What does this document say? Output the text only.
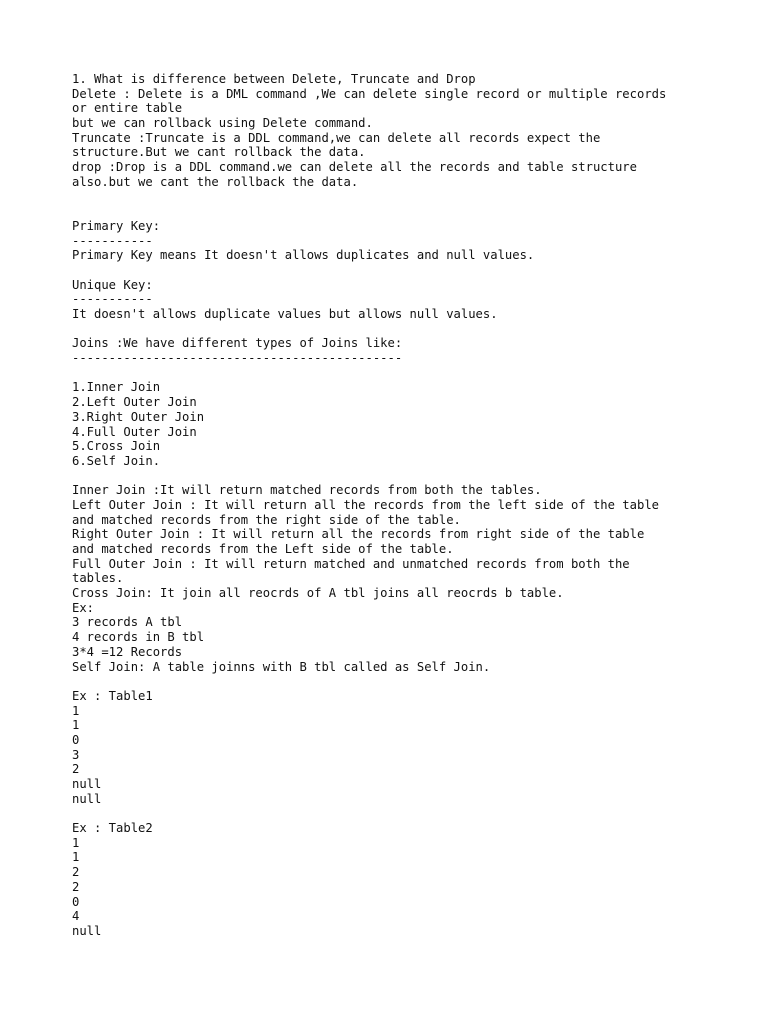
1. What is difference between Delete, Truncate and Drop
Delete : Delete is a DML command ,We can delete single record or multiple records
or entire table
but we can rollback using Delete command.
Truncate :Truncate is a DDL command,we can delete all records expect the
structure.But we cant rollback the data.
drop :Drop is a DDL command.we can delete all the records and table structure
also.but we cant the rollback the data.
Primary Key:
-----------
Primary Key means It doesn't allows duplicates and null values.
Unique Key:
-----------
It doesn't allows duplicate values but allows null values.
Joins :We have different types of Joins like:
---------------------------------------------
1.Inner Join
2.Left Outer Join
3.Right Outer Join
4.Full Outer Join
5.Cross Join
6.Self Join.
Inner Join :It will return matched records from both the tables.
Left Outer Join : It will return all the records from the left side of the table
and matched records from the right side of the table.
Right Outer Join : It will return all the records from right side of the table
and matched records from the Left side of the table.
Full Outer Join : It will return matched and unmatched records from both the
tables.
Cross Join: It join all reocrds of A tbl joins all reocrds b table.
Ex:
3 records A tbl
4 records in B tbl
3*4 =12 Records
Self Join: A table joinns with B tbl called as Self Join.
Ex : Table1
1
1
0
3
2
null
null
Ex : Table2
1
1
2
2
0
4
null
